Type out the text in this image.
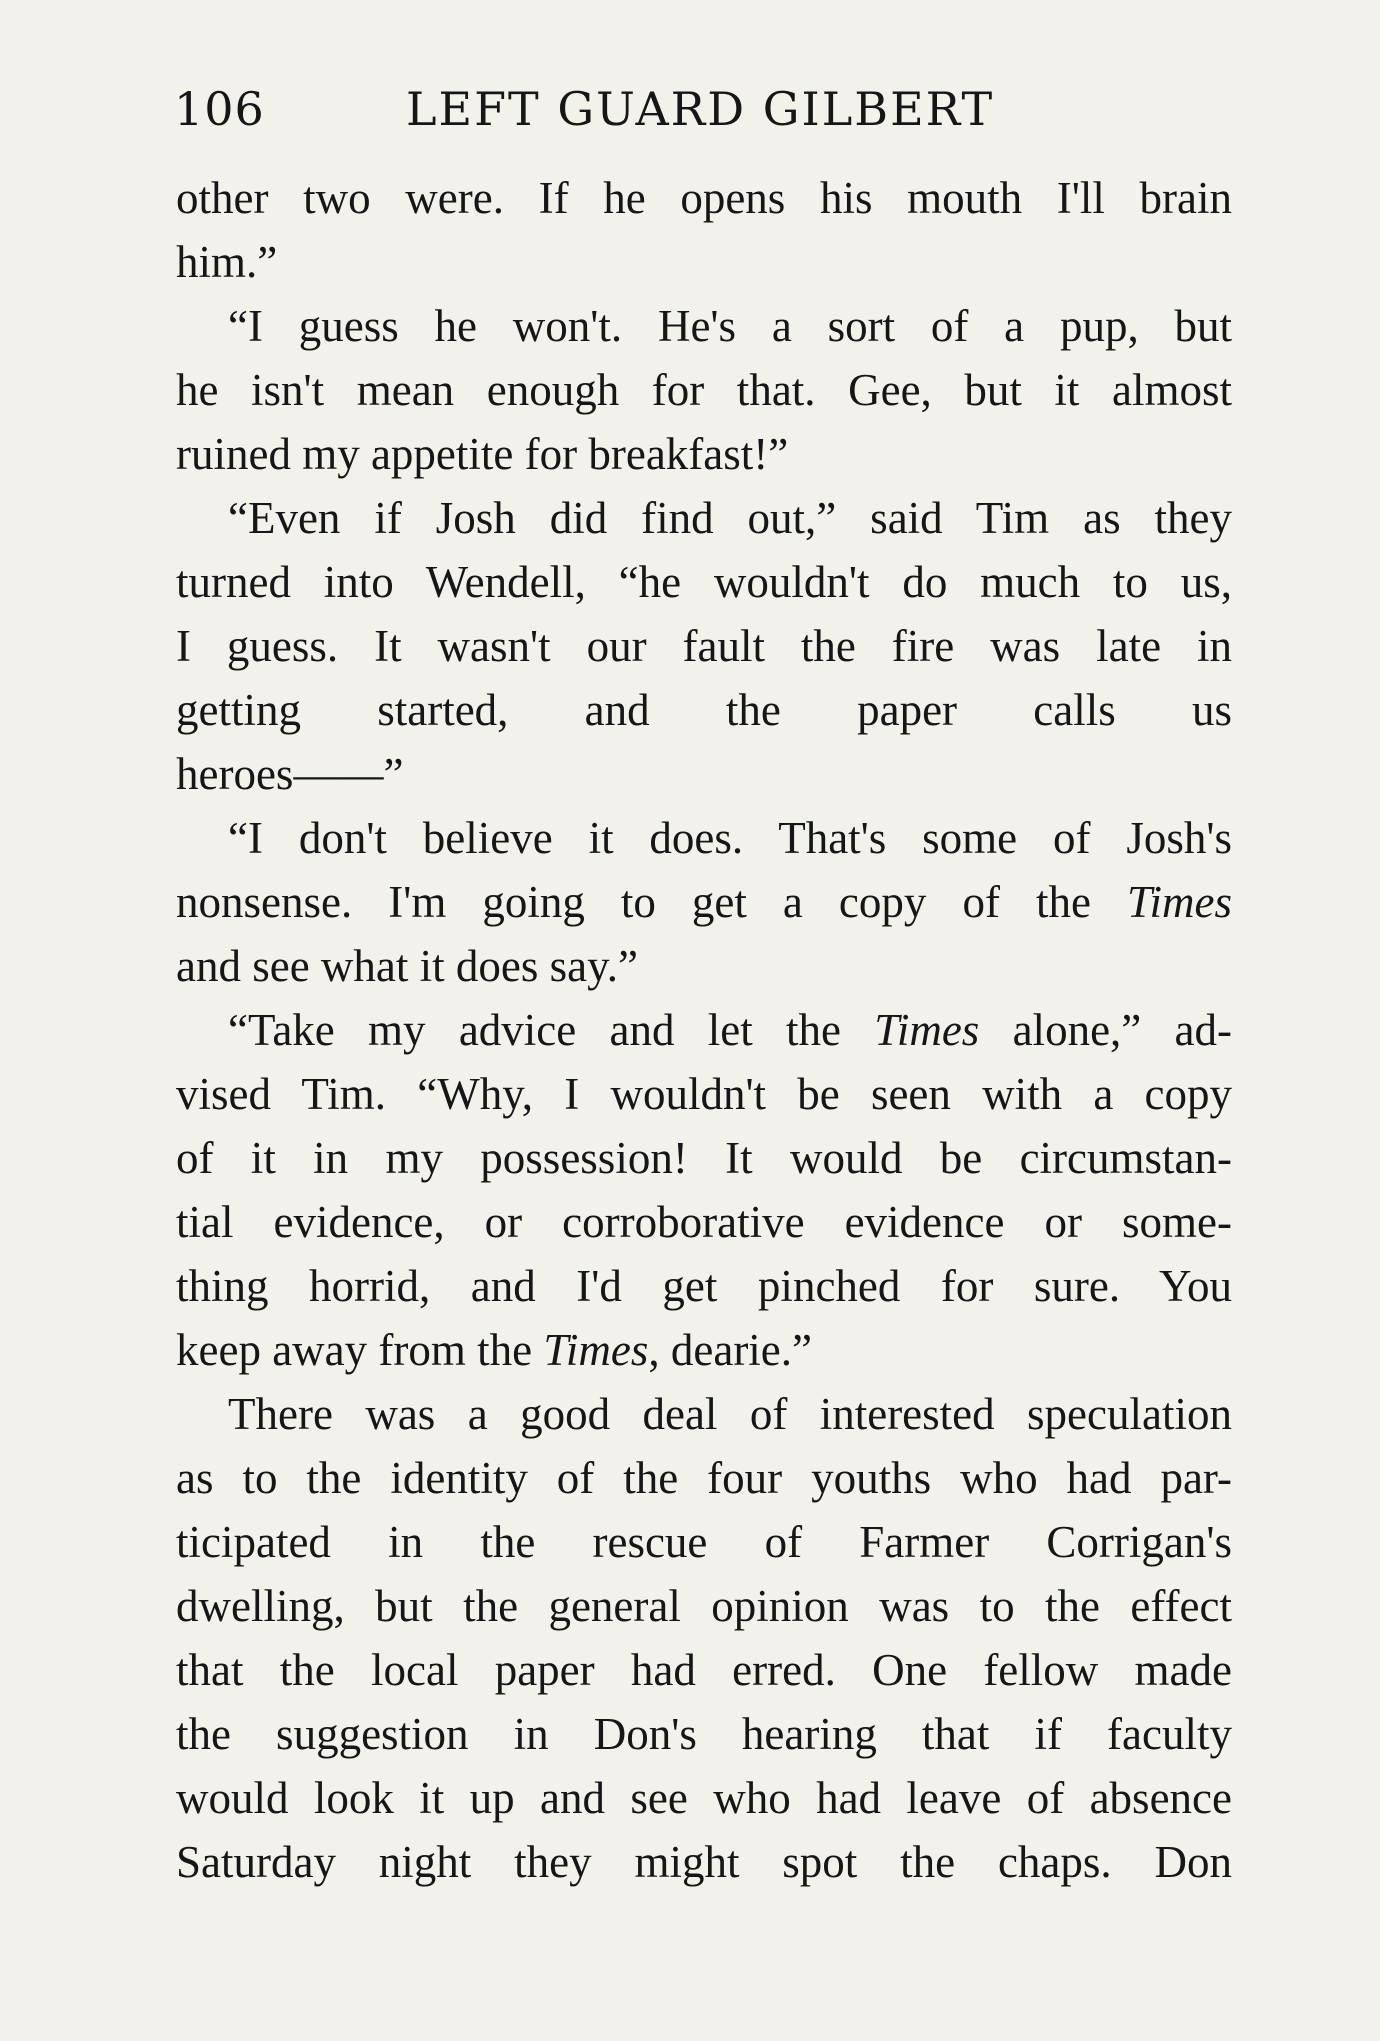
106	LEFT GUARD GILBERT
other two were. If he opens his mouth I'll brain
him.”
“I guess he won't. He's a sort of a pup, but
he isn't mean enough for that. Gee, but it almost
ruined my appetite for breakfast!”
“Even if Josh did find out,” said Tim as they
turned into Wendell, “he wouldn't do much to us,
I guess. It wasn't our fault the fire was late in
getting started, and the paper calls us
heroes——”
“I don't believe it does. That's some of Josh's
nonsense. I'm going to get a copy of the Times
and see what it does say.”
“Take my advice and let the Times alone,” ad-
vised Tim. “Why, I wouldn't be seen with a copy
of it in my possession! It would be circumstan-
tial evidence, or corroborative evidence or some-
thing horrid, and I'd get pinched for sure. You
keep away from the Times, dearie.”
There was a good deal of interested speculation
as to the identity of the four youths who had par-
ticipated in the rescue of Farmer Corrigan's
dwelling, but the general opinion was to the effect
that the local paper had erred. One fellow made
the suggestion in Don's hearing that if faculty
would look it up and see who had leave of absence
Saturday night they might spot the chaps. Don
